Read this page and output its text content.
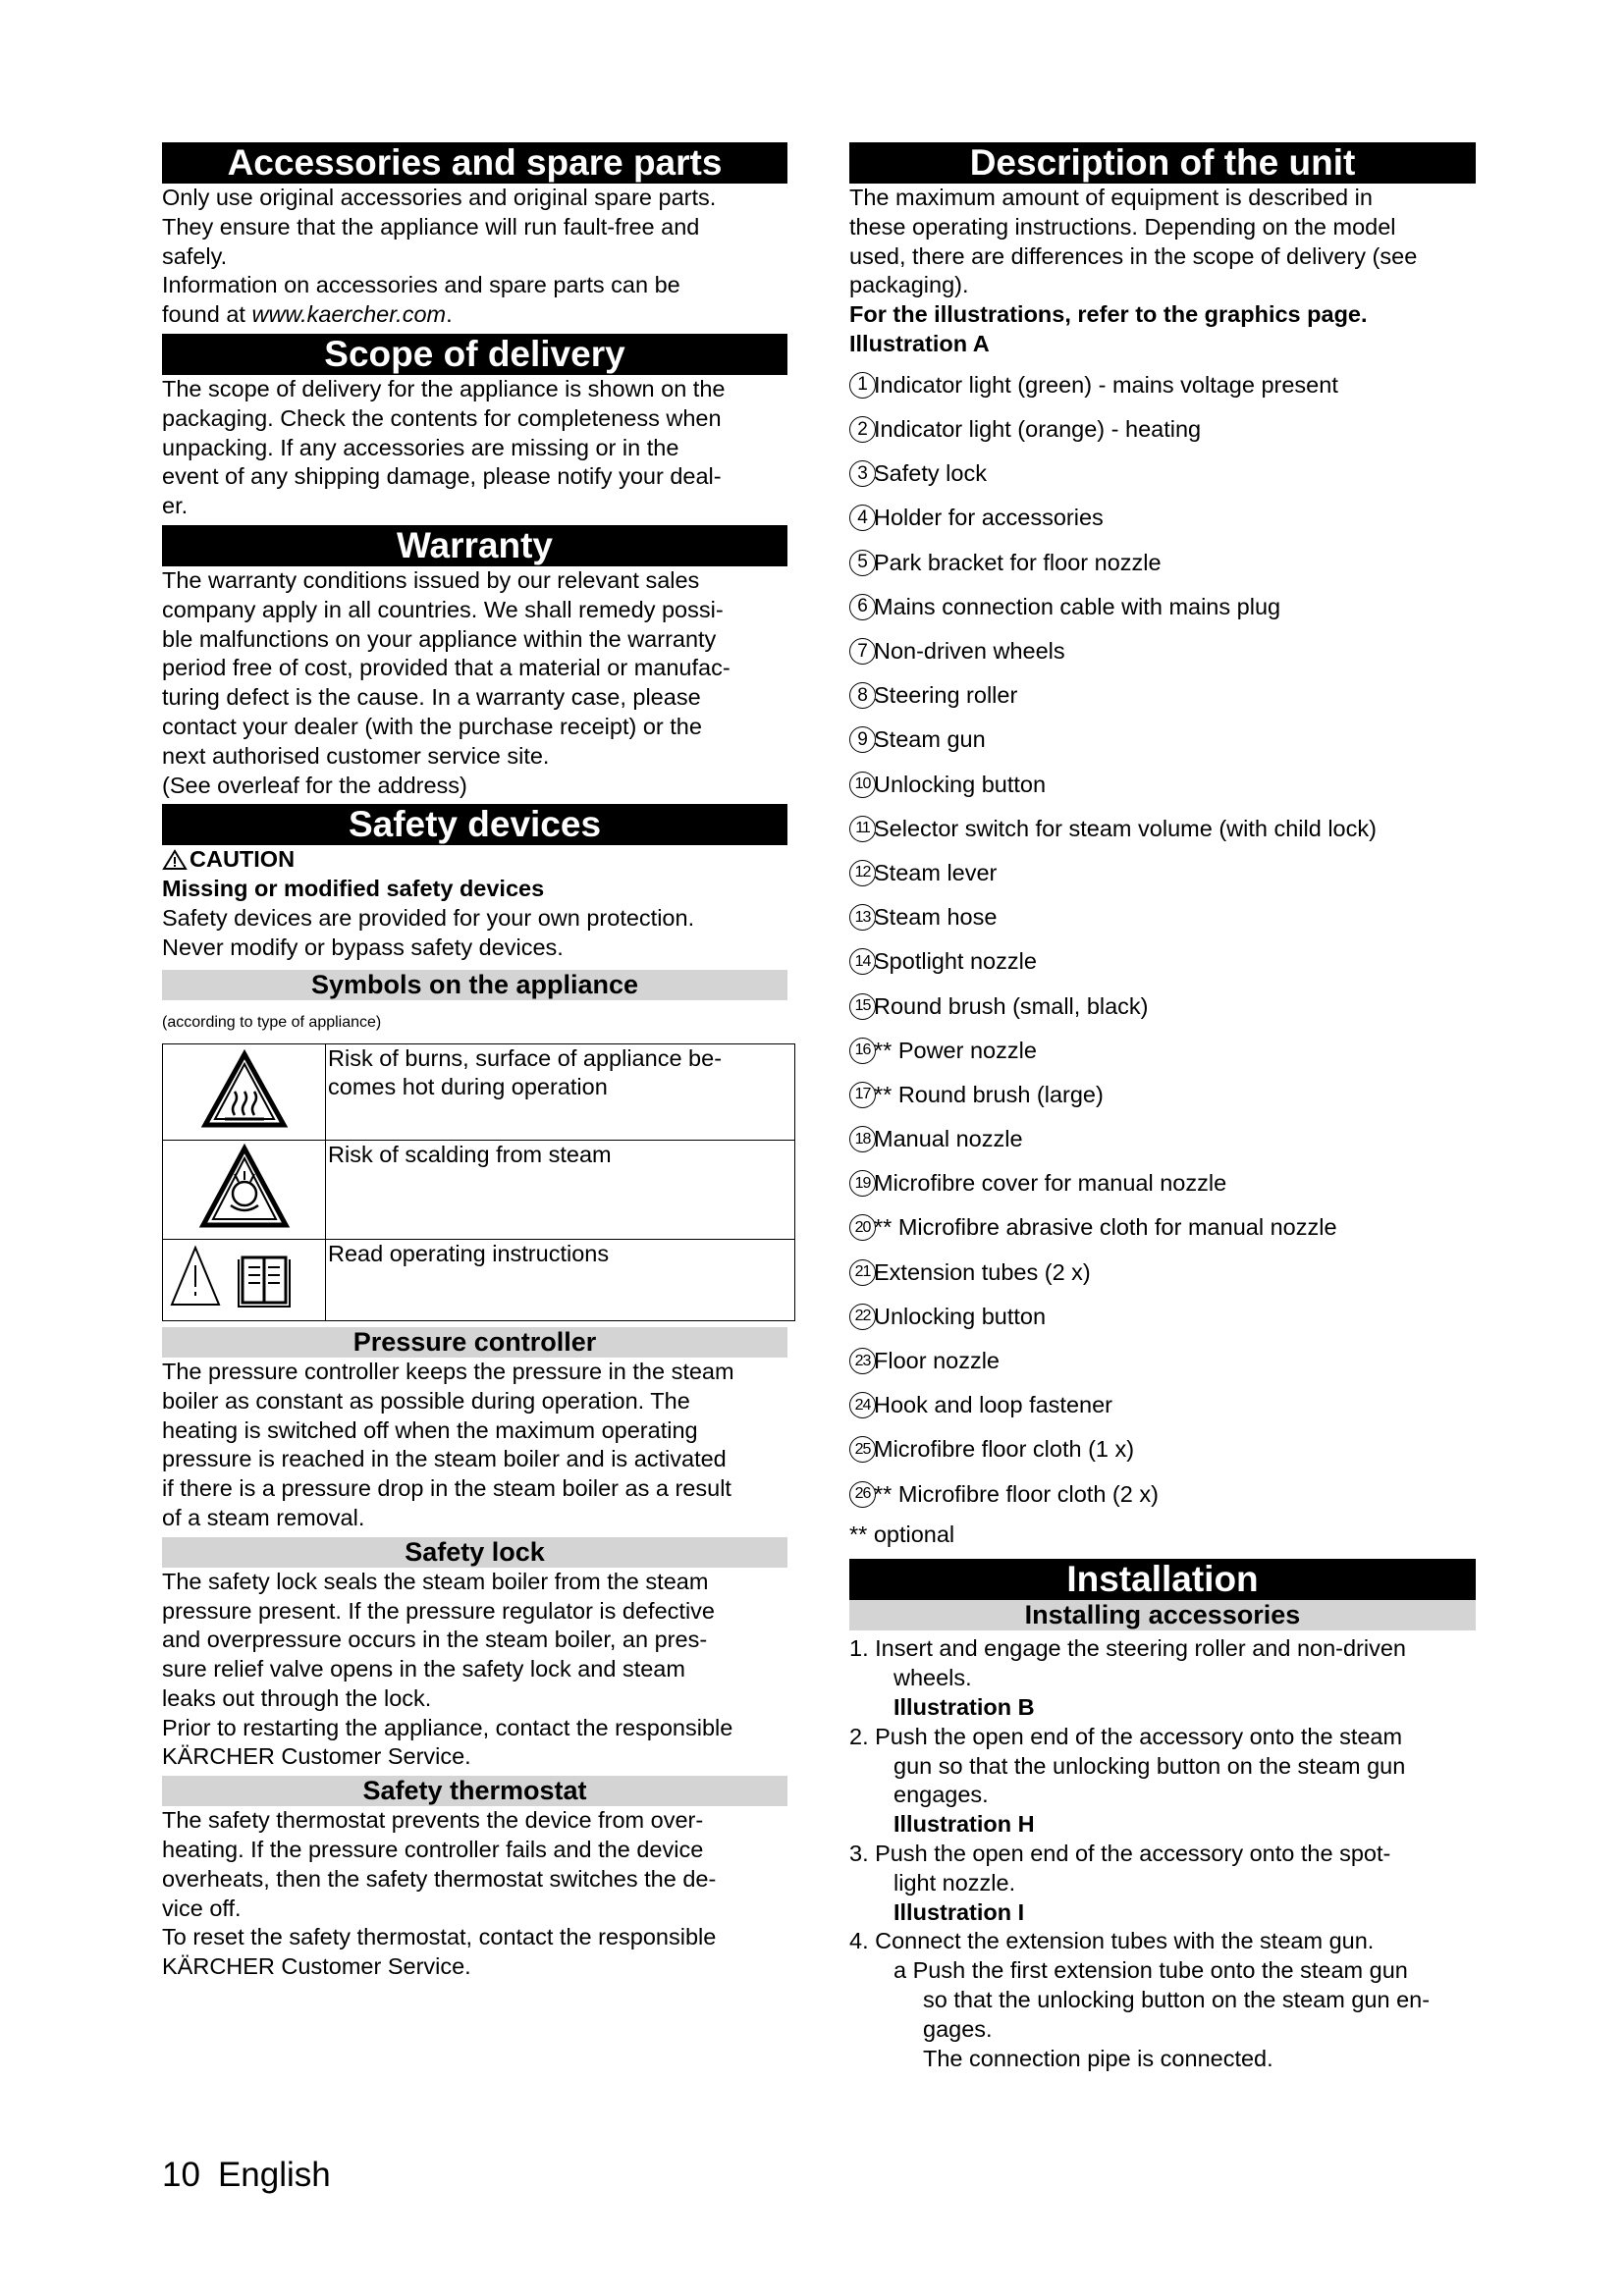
Accessories and spare parts

Only use original accessories and original spare parts.

They ensure that the appliance will run fault-free and

safely.

Information on accessories and spare parts can be

found at www.kaercher.com.

Scope of delivery

The scope of delivery for the appliance is shown on the

packaging. Check the contents for completeness when

unpacking. If any accessories are missing or in the

event of any shipping damage, please notify your deal-

er.

Warranty

The warranty conditions issued by our relevant sales

company apply in all countries. We shall remedy possi-

ble malfunctions on your appliance within the warranty

period free of cost, provided that a material or manufac-

turing defect is the cause. In a warranty case, please

contact your dealer (with the purchase receipt) or the

next authorised customer service site.

(See overleaf for the address)

Safety devices

CAUTION

Missing or modified safety devices

Safety devices are provided for your own protection.

Never modify or bypass safety devices.

Symbols on the appliance

(according to type of appliance)

Risk of burns, surface of appliance be-
comes hot during operation

Risk of scalding from steam

Read operating instructions
Pressure controller

The pressure controller keeps the pressure in the steam

boiler as constant as possible during operation. The

heating is switched off when the maximum operating

pressure is reached in the steam boiler and is activated

if there is a pressure drop in the steam boiler as a result

of a steam removal.

Safety lock

The safety lock seals the steam boiler from the steam

pressure present. If the pressure regulator is defective

and overpressure occurs in the steam boiler, an pres-

sure relief valve opens in the safety lock and steam

leaks out through the lock.

Prior to restarting the appliance, contact the responsible

KÄRCHER Customer Service.

Safety thermostat

The safety thermostat prevents the device from over-

heating. If the pressure controller fails and the device

overheats, then the safety thermostat switches the de-

vice off.

To reset the safety thermostat, contact the responsible

KÄRCHER Customer Service.

Description of the unit

The maximum amount of equipment is described in

these operating instructions. Depending on the model

used, there are differences in the scope of delivery (see

packaging).

For the illustrations, refer to the graphics page.

Illustration A

1 Indicator light (green) - mains voltage present
2 Indicator light (orange) - heating
3 Safety lock
4 Holder for accessories
5 Park bracket for floor nozzle
6 Mains connection cable with mains plug
7 Non-driven wheels
8 Steering roller
9 Steam gun
10 Unlocking button
11 Selector switch for steam volume (with child lock)
12 Steam lever
13 Steam hose
14 Spotlight nozzle
15 Round brush (small, black)
16 ** Power nozzle
17 ** Round brush (large)
18 Manual nozzle
19 Microfibre cover for manual nozzle
20 ** Microfibre abrasive cloth for manual nozzle
21 Extension tubes (2 x)
22 Unlocking button
23 Floor nozzle
24 Hook and loop fastener
25 Microfibre floor cloth (1 x)
26 ** Microfibre floor cloth (2 x)

** optional

Installation
Installing accessories
1. Insert and engage the steering roller and non-driven
wheels.
Illustration B
2. Push the open end of the accessory onto the steam
gun so that the unlocking button on the steam gun
engages.
Illustration H
3. Push the open end of the accessory onto the spot-
light nozzle.
Illustration I
4. Connect the extension tubes with the steam gun.
a Push the first extension tube onto the steam gun
so that the unlocking button on the steam gun en-
gages.
The connection pipe is connected.
10 English
